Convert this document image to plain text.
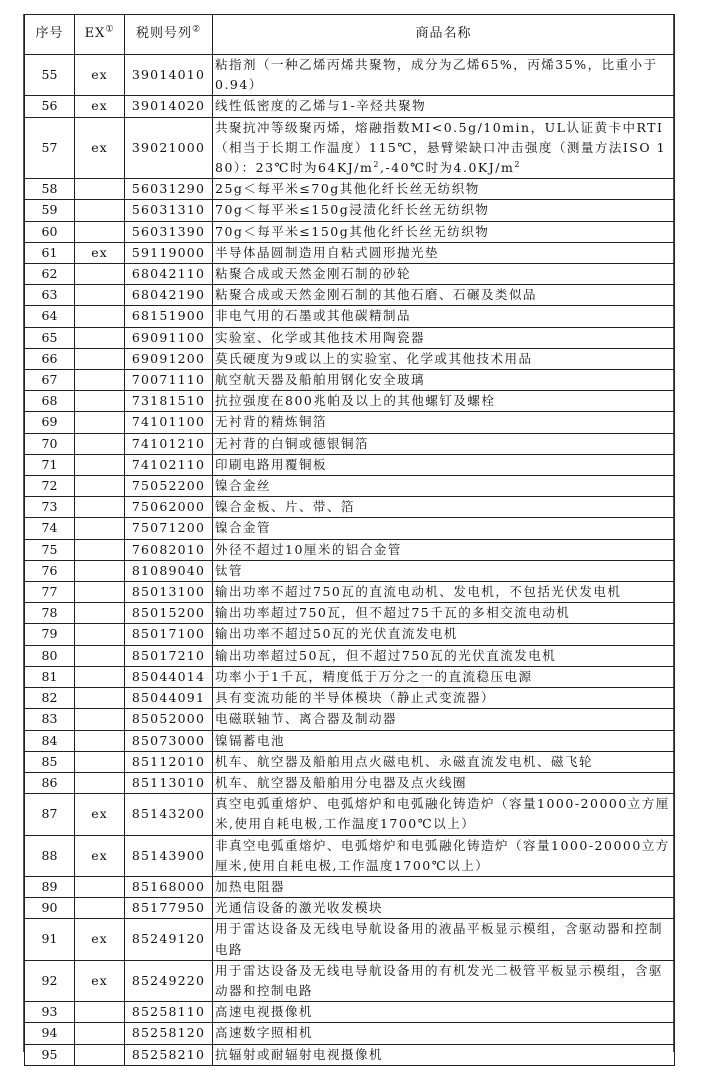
序号	EX①	税则号列②	商品名称
55	ex	39014010	粘指剂（一种乙烯丙烯共聚物，成分为乙烯65%，丙烯35%，比重小于0.94）
56	ex	39014020	线性低密度的乙烯与1-辛烃共聚物
57	ex	39021000	共聚抗冲等级聚丙烯，熔融指数MI<0.5g/10min，UL认证黄卡中RTI（相当于长期工作温度）115℃，悬臂梁缺口冲击强度（测量方法ISO 180）：23℃时为$64KJ/m^2,-40℃$时为$4.0KJ/m^2$
58		56031290	25g＜每平米≤70g其他化纤长丝无纺织物
59		56031310	70g＜每平米≤150g浸渍化纤长丝无纺织物
60		56031390	70g＜每平米≤150g其他化纤长丝无纺织物
61	ex	59119000	半导体晶圆制造用自粘式圆形抛光垫
62		68042110	粘聚合成或天然金刚石制的砂轮
63		68042190	粘聚合成或天然金刚石制的其他石磨、石碾及类似品
64		68151900	非电气用的石墨或其他碳精制品
65		69091100	实验室、化学或其他技术用陶瓷器
66		69091200	莫氏硬度为9或以上的实验室、化学或其他技术用品
67		70071110	航空航天器及船舶用钢化安全玻璃
68		73181510	抗拉强度在800兆帕及以上的其他螺钉及螺栓
69		74101100	无衬背的精炼铜箔
70		74101210	无衬背的白铜或德银铜箔
71		74102110	印刷电路用覆铜板
72		75052200	镍合金丝
73		75062000	镍合金板、片、带、箔
74		75071200	镍合金管
75		76082010	外径不超过10厘米的铝合金管
76		81089040	钛管
77		85013100	输出功率不超过750瓦的直流电动机、发电机，不包括光伏发电机
78		85015200	输出功率超过750瓦，但不超过75千瓦的多相交流电动机
79		85017100	输出功率不超过50瓦的光伏直流发电机
80		85017210	输出功率超过50瓦，但不超过750瓦的光伏直流发电机
81		85044014	功率小于1千瓦，精度低于万分之一的直流稳压电源
82		85044091	具有变流功能的半导体模块（静止式变流器）
83		85052000	电磁联轴节、离合器及制动器
84		85073000	镍镉蓄电池
85		85112010	机车、航空器及船舶用点火磁电机、永磁直流发电机、磁飞轮
86		85113010	机车、航空器及船舶用分电器及点火线圈
87	ex	85143200	真空电弧重熔炉、电弧熔炉和电弧融化铸造炉（容量1000-20000立方厘米,使用自耗电极,工作温度1700℃以上）
88	ex	85143900	非真空电弧重熔炉、电弧熔炉和电弧融化铸造炉（容量1000-20000立方厘米,使用自耗电极,工作温度1700℃以上）
89		85168000	加热电阻器
90		85177950	光通信设备的激光收发模块
91	ex	85249120	用于雷达设备及无线电导航设备用的液晶平板显示模组，含驱动器和控制电路
92	ex	85249220	用于雷达设备及无线电导航设备用的有机发光二极管平板显示模组，含驱动器和控制电路
93		85258110	高速电视摄像机
94		85258120	高速数字照相机
95		85258210	抗辐射或耐辐射电视摄像机
